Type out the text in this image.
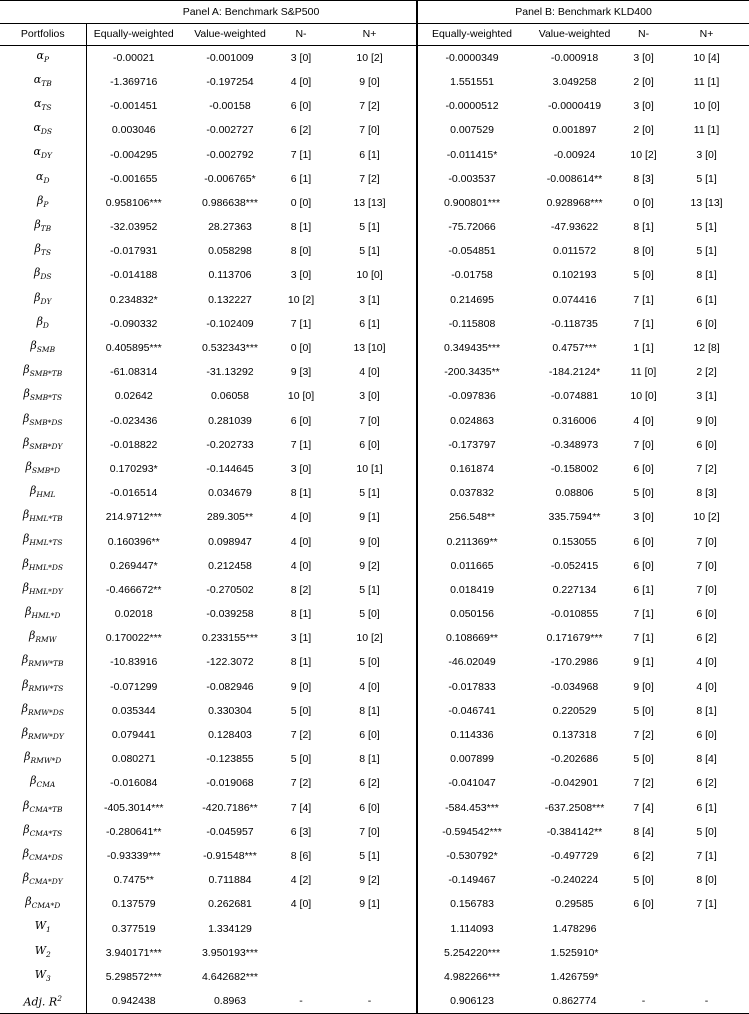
	Panel A: Benchmark S&P500				Panel B: Benchmark KLD400			
Portfolios	Equally-weighted	Value-weighted	N-	N+	Equally-weighted	Value-weighted	N-	N+
$\alpha_P$	-0.00021	-0.001009	3 [0]	10 [2]	-0.0000349	-0.000918	3 [0]	10 [4]
$\alpha_{TB}$	-1.369716	-0.197254	4 [0]	9 [0]	1.551551	3.049258	2 [0]	11 [1]
$\alpha_{TS}$	-0.001451	-0.00158	6 [0]	7 [2]	-0.0000512	-0.0000419	3 [0]	10 [0]
$\alpha_{DS}$	0.003046	-0.002727	6 [2]	7 [0]	0.007529	0.001897	2 [0]	11 [1]
$\alpha_{DY}$	-0.004295	-0.002792	7 [1]	6 [1]	-0.011415*	-0.00924	10 [2]	3 [0]
$\alpha_D$	-0.001655	-0.006765*	6 [1]	7 [2]	-0.003537	-0.008614**	8 [3]	5 [1]
$\beta_P$	0.958106***	0.986638***	0 [0]	13 [13]	0.900801***	0.928968***	0 [0]	13 [13]
$\beta_{TB}$	-32.03952	28.27363	8 [1]	5 [1]	-75.72066	-47.93622	8 [1]	5 [1]
$\beta_{TS}$	-0.017931	0.058298	8 [0]	5 [1]	-0.054851	0.011572	8 [0]	5 [1]
$\beta_{DS}$	-0.014188	0.113706	3 [0]	10 [0]	-0.01758	0.102193	5 [0]	8 [1]
$\beta_{DY}$	0.234832*	0.132227	10 [2]	3 [1]	0.214695	0.074416	7 [1]	6 [1]
$\beta_D$	-0.090332	-0.102409	7 [1]	6 [1]	-0.115808	-0.118735	7 [1]	6 [0]
$\beta_{SMB}$	0.405895***	0.532343***	0 [0]	13 [10]	0.349435***	0.4757***	1 [1]	12 [8]
$\beta_{SMB*TB}$	-61.08314	-31.13292	9 [3]	4 [0]	-200.3435**	-184.2124*	11 [0]	2 [2]
$\beta_{SMB*TS}$	0.02642	0.06058	10 [0]	3 [0]	-0.097836	-0.074881	10 [0]	3 [1]
$\beta_{SMB*DS}$	-0.023436	0.281039	6 [0]	7 [0]	0.024863	0.316006	4 [0]	9 [0]
$\beta_{SMB*DY}$	-0.018822	-0.202733	7 [1]	6 [0]	-0.173797	-0.348973	7 [0]	6 [0]
$\beta_{SMB*D}$	0.170293*	-0.144645	3 [0]	10 [1]	0.161874	-0.158002	6 [0]	7 [2]
$\beta_{HML}$	-0.016514	0.034679	8 [1]	5 [1]	0.037832	0.08806	5 [0]	8 [3]
$\beta_{HML*TB}$	214.9712***	289.305**	4 [0]	9 [1]	256.548**	335.7594**	3 [0]	10 [2]
$\beta_{HML*TS}$	0.160396**	0.098947	4 [0]	9 [0]	0.211369**	0.153055	6 [0]	7 [0]
$\beta_{HML*DS}$	0.269447*	0.212458	4 [0]	9 [2]	0.011665	-0.052415	6 [0]	7 [0]
$\beta_{HML*DY}$	-0.466672**	-0.270502	8 [2]	5 [1]	0.018419	0.227134	6 [1]	7 [0]
$\beta_{HML*D}$	0.02018	-0.039258	8 [1]	5 [0]	0.050156	-0.010855	7 [1]	6 [0]
$\beta_{RMW}$	0.170022***	0.233155***	3 [1]	10 [2]	0.108669**	0.171679***	7 [1]	6 [2]
$\beta_{RMW*TB}$	-10.83916	-122.3072	8 [1]	5 [0]	-46.02049	-170.2986	9 [1]	4 [0]
$\beta_{RMW*TS}$	-0.071299	-0.082946	9 [0]	4 [0]	-0.017833	-0.034968	9 [0]	4 [0]
$\beta_{RMW*DS}$	0.035344	0.330304	5 [0]	8 [1]	-0.046741	0.220529	5 [0]	8 [1]
$\beta_{RMW*DY}$	0.079441	0.128403	7 [2]	6 [0]	0.114336	0.137318	7 [2]	6 [0]
$\beta_{RMW*D}$	0.080271	-0.123855	5 [0]	8 [1]	0.007899	-0.202686	5 [0]	8 [4]
$\beta_{CMA}$	-0.016084	-0.019068	7 [2]	6 [2]	-0.041047	-0.042901	7 [2]	6 [2]
$\beta_{CMA*TB}$	-405.3014***	-420.7186**	7 [4]	6 [0]	-584.453***	-637.2508***	7 [4]	6 [1]
$\beta_{CMA*TS}$	-0.280641**	-0.045957	6 [3]	7 [0]	-0.594542***	-0.384142**	8 [4]	5 [0]
$\beta_{CMA*DS}$	-0.93339***	-0.91548***	8 [6]	5 [1]	-0.530792*	-0.497729	6 [2]	7 [1]
$\beta_{CMA*DY}$	0.7475**	0.711884	4 [2]	9 [2]	-0.149467	-0.240224	5 [0]	8 [0]
$\beta_{CMA*D}$	0.137579	0.262681	4 [0]	9 [1]	0.156783	0.29585	6 [0]	7 [1]
$W_1$	0.377519	1.334129			1.114093	1.478296		
$W_2$	3.940171***	3.950193***			5.254220***	1.525910*		
$W_3$	5.298572***	4.642682***			4.982266***	1.426759*		
Adj. $R^2$	0.942438	0.8963	-	-	0.906123	0.862774	-	-
